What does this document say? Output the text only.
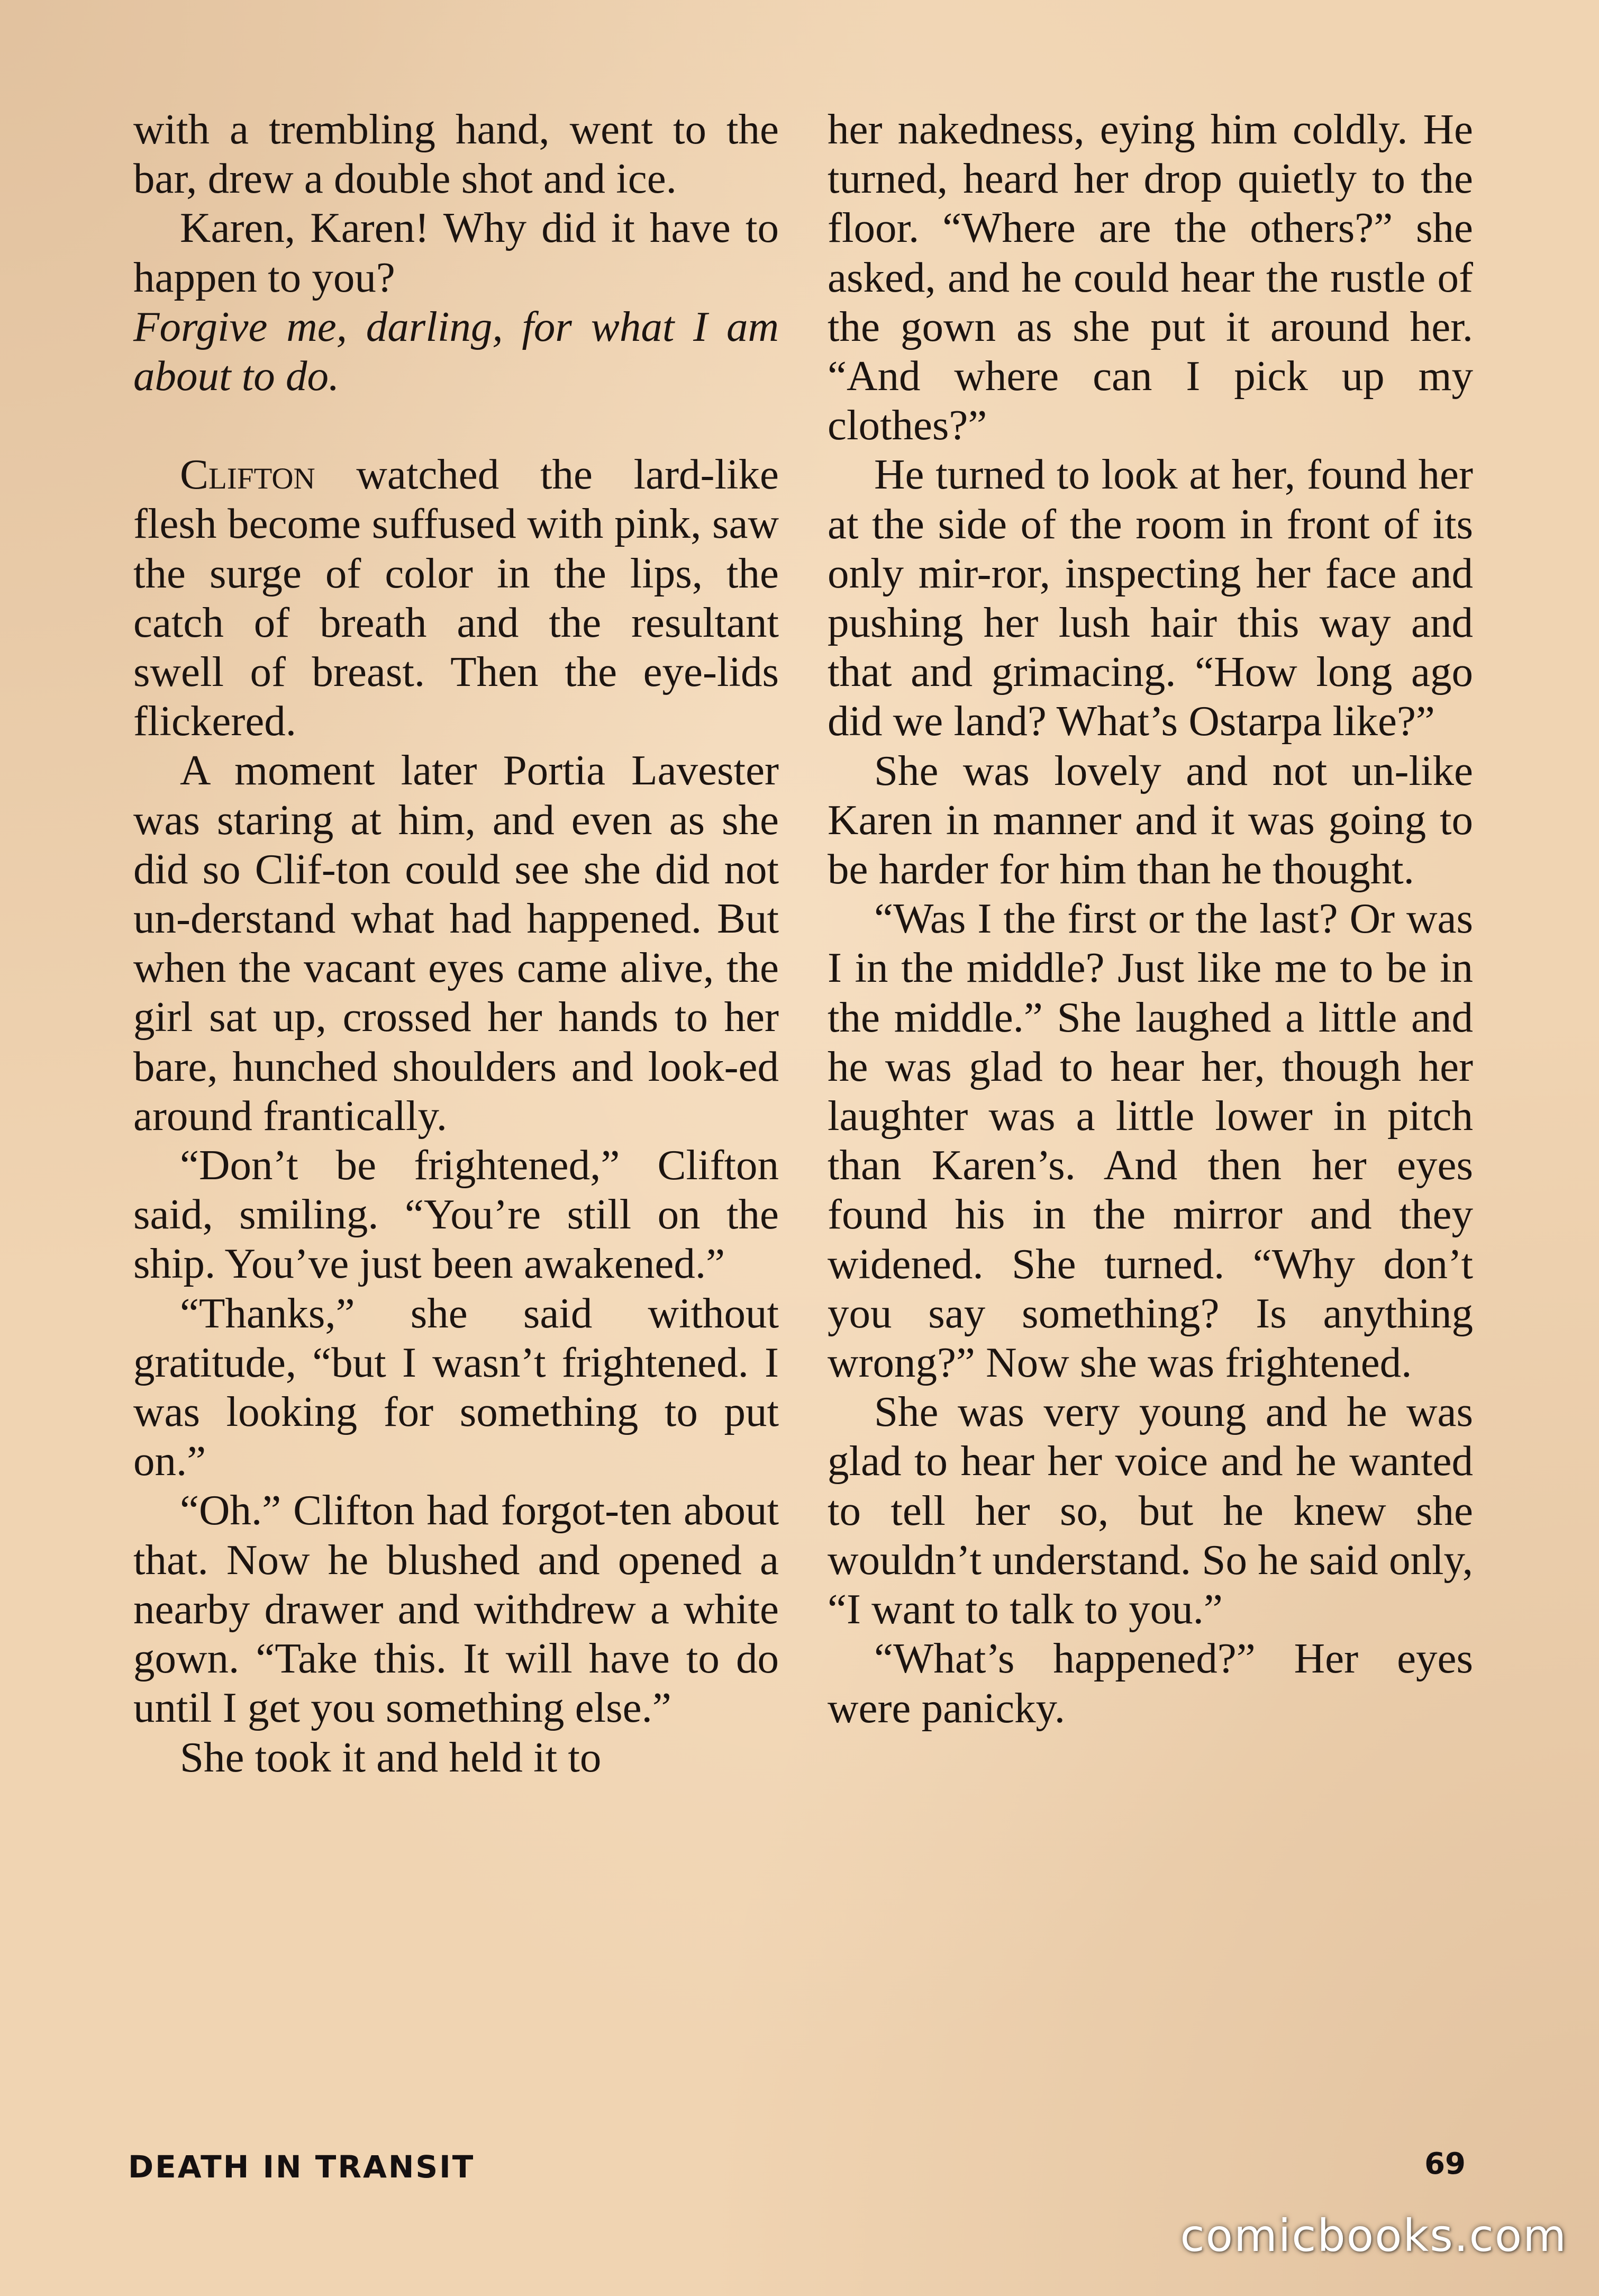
with a trembling hand, went to the bar, drew a double shot and ice.

Karen, Karen! Why did it have to happen to you?

Forgive me, darling, for what I am about to do.

Clifton watched the lard-like flesh become suffused with pink, saw the surge of color in the lips, the catch of breath and the resultant swell of breast. Then the eye-lids flickered.

A moment later Portia Lavester was staring at him, and even as she did so Clif-ton could see she did not un-derstand what had happened. But when the vacant eyes came alive, the girl sat up, crossed her hands to her bare, hunched shoulders and look-ed around frantically.

“Don’t be frightened,” Clifton said, smiling. “You’re still on the ship. You’ve just been awakened.”

“Thanks,” she said without gratitude, “but I wasn’t frightened. I was looking for something to put on.”

“Oh.” Clifton had forgot-ten about that. Now he blushed and opened a nearby drawer and withdrew a white gown. “Take this. It will have to do until I get you something else.”

She took it and held it to

her nakedness, eying him coldly. He turned, heard her drop quietly to the floor. “Where are the others?” she asked, and he could hear the rustle of the gown as she put it around her. “And where can I pick up my clothes?”

He turned to look at her, found her at the side of the room in front of its only mir-ror, inspecting her face and pushing her lush hair this way and that and grimacing. “How long ago did we land? What’s Ostarpa like?”

She was lovely and not un-like Karen in manner and it was going to be harder for him than he thought.

“Was I the first or the last? Or was I in the middle? Just like me to be in the middle.” She laughed a little and he was glad to hear her, though her laughter was a little lower in pitch than Karen’s. And then her eyes found his in the mirror and they widened. She turned. “Why don’t you say something? Is anything wrong?” Now she was frightened.

She was very young and he was glad to hear her voice and he wanted to tell her so, but he knew she wouldn’t understand. So he said only, “I want to talk to you.”

“What’s happened?” Her eyes were panicky.

DEATH IN TRANSIT	69
comicbooks.com
